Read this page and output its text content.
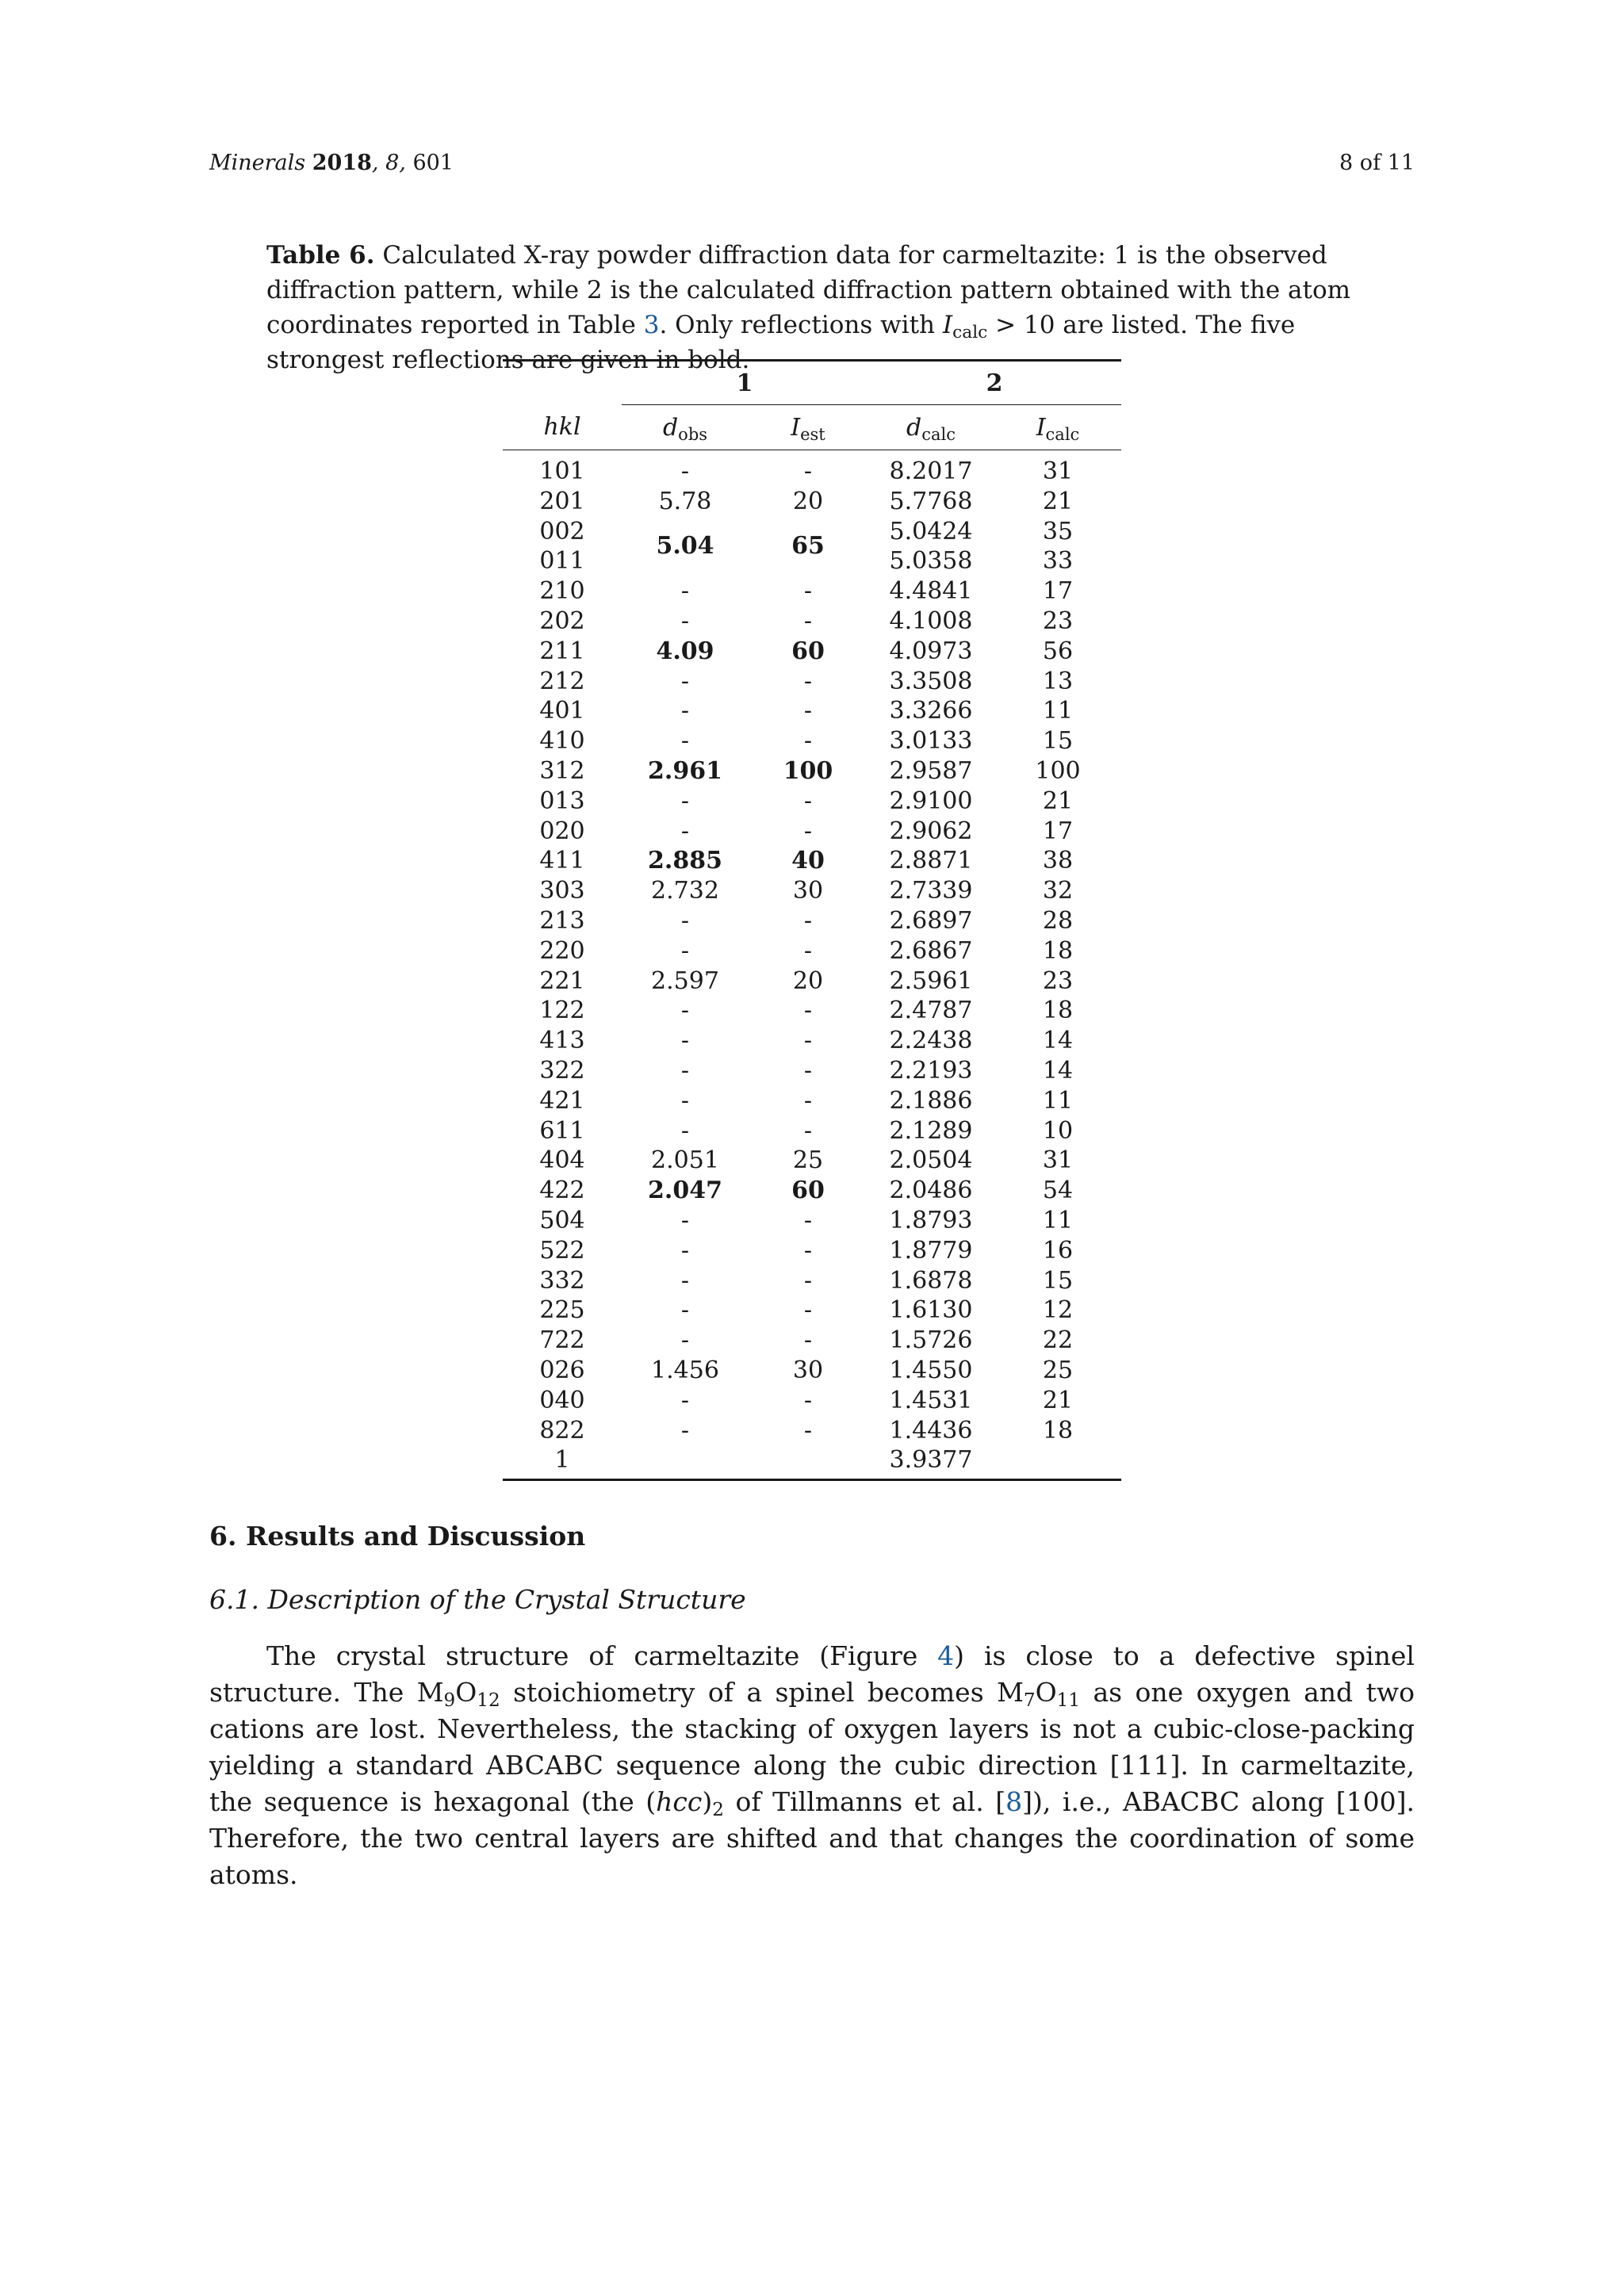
Minerals 2018, 8, 601	8 of 11
Table 6. Calculated X-ray powder diffraction data for carmeltazite: 1 is the observed diffraction pattern, while 2 is the calculated diffraction pattern obtained with the atom coordinates reported in Table 3. Only reflections with $I_{calc} > 10$ are listed. The five strongest reflections are given in bold.
	1		2	
hkl	$d_{obs}$	$I_{est}$	$d_{calc}$	$I_{calc}$
101	-	-	8.2017	31
201	5.78	20	5.7768	21
002	5.04	65	5.0424	35
011			5.0358	33
210	-	-	4.4841	17
202	-	-	4.1008	23
211	4.09	60	4.0973	56
212	-	-	3.3508	13
401	-	-	3.3266	11
410	-	-	3.0133	15
312	2.961	100	2.9587	100
013	-	-	2.9100	21
020	-	-	2.9062	17
411	2.885	40	2.8871	38
303	2.732	30	2.7339	32
213	-	-	2.6897	28
220	-	-	2.6867	18
221	2.597	20	2.5961	23
122	-	-	2.4787	18
413	-	-	2.2438	14
322	-	-	2.2193	14
421	-	-	2.1886	11
611	-	-	2.1289	10
404	2.051	25	2.0504	31
422	2.047	60	2.0486	54
504	-	-	1.8793	11
522	-	-	1.8779	16
332	-	-	1.6878	15
225	-	-	1.6130	12
722	-	-	1.5726	22
026	1.456	30	1.4550	25
040	-	-	1.4531	21
822	-	-	1.4436	18
1			3.9377	
6. Results and Discussion
6.1. Description of the Crystal Structure
The crystal structure of carmeltazite (Figure 4) is close to a defective spinel structure. The $M_9O_{12}$ stoichiometry of a spinel becomes $M_7O_{11}$ as one oxygen and two cations are lost. Nevertheless, the stacking of oxygen layers is not a cubic-close-packing yielding a standard ABCABC sequence along the cubic direction [111]. In carmeltazite, the sequence is hexagonal (the $(hcc)_2$ of Tillmanns et al. [8]), i.e., ABACBC along [100]. Therefore, the two central layers are shifted and that changes the coordination of some atoms.
